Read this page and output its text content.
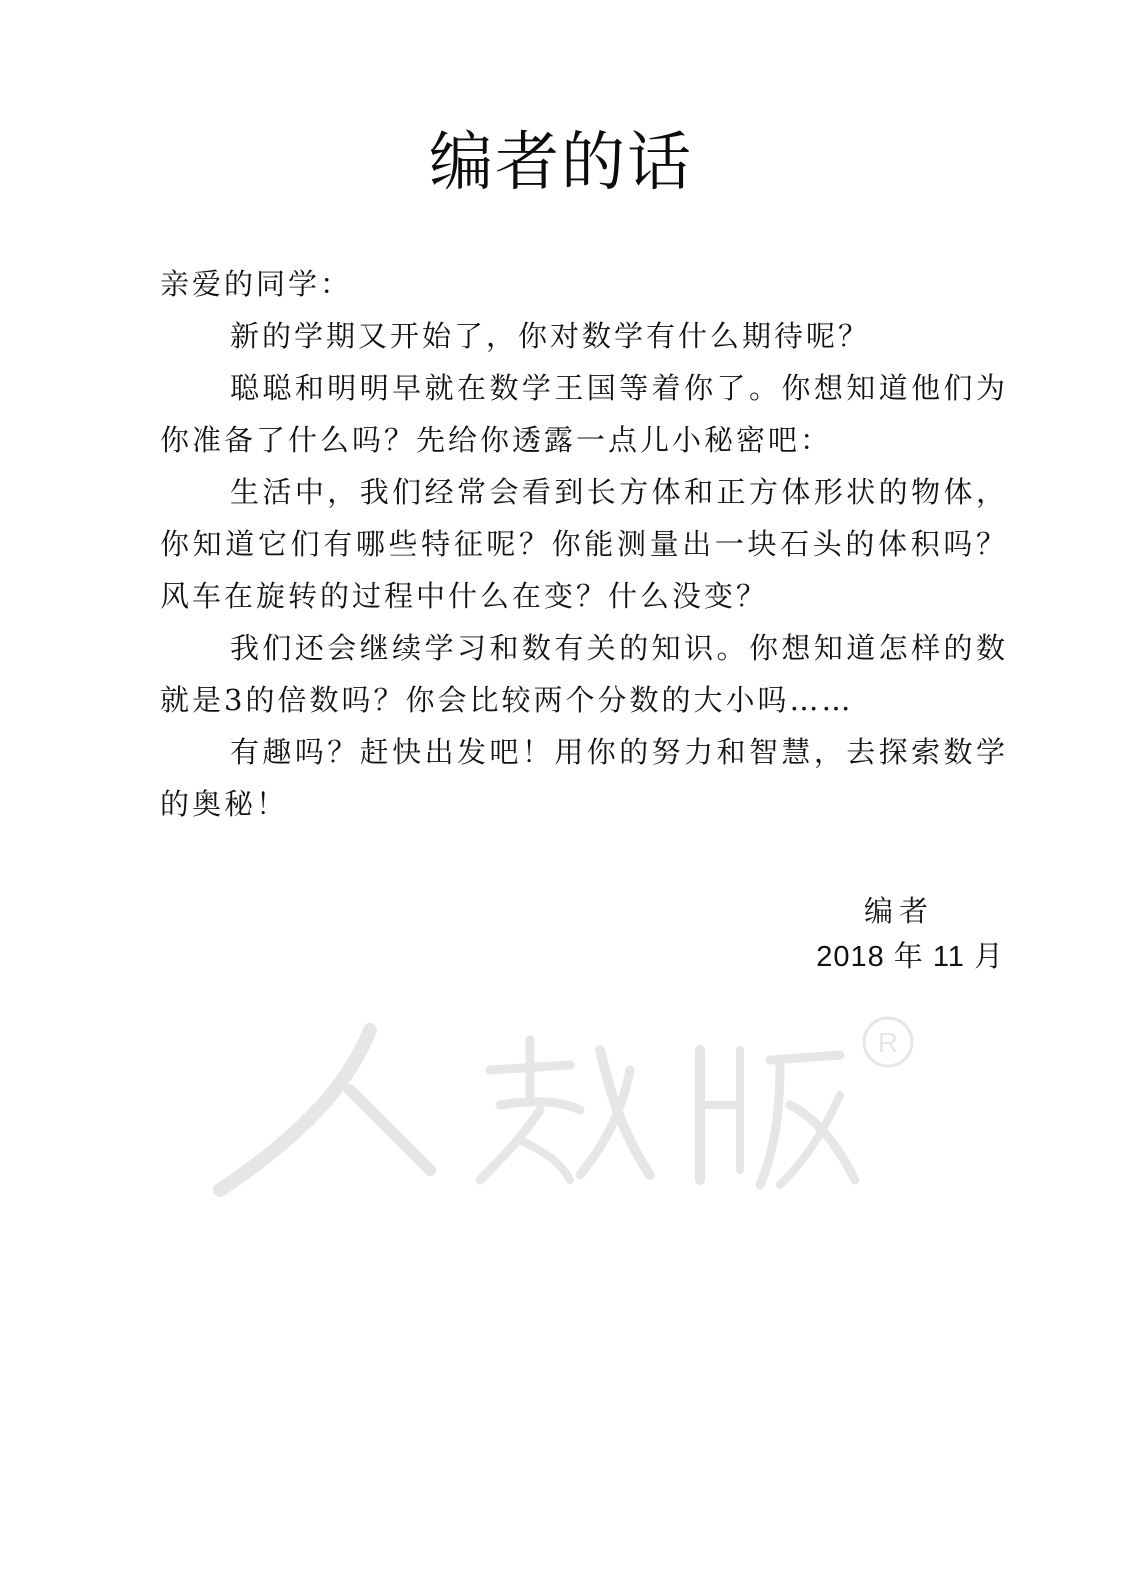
编者的话

亲爱的同学：

新的学期又开始了，你对数学有什么期待呢？

聪聪和明明早就在数学王国等着你了。你想知道他们为你准备了什么吗？先给你透露一点儿小秘密吧：

生活中，我们经常会看到长方体和正方体形状的物体，你知道它们有哪些特征呢？你能测量出一块石头的体积吗？风车在旋转的过程中什么在变？什么没变？

我们还会继续学习和数有关的知识。你想知道怎样的数就是3的倍数吗？你会比较两个分数的大小吗……

有趣吗？赶快出发吧！用你的努力和智慧，去探索数学的奥秘！

编者
2018 年 11 月
R
